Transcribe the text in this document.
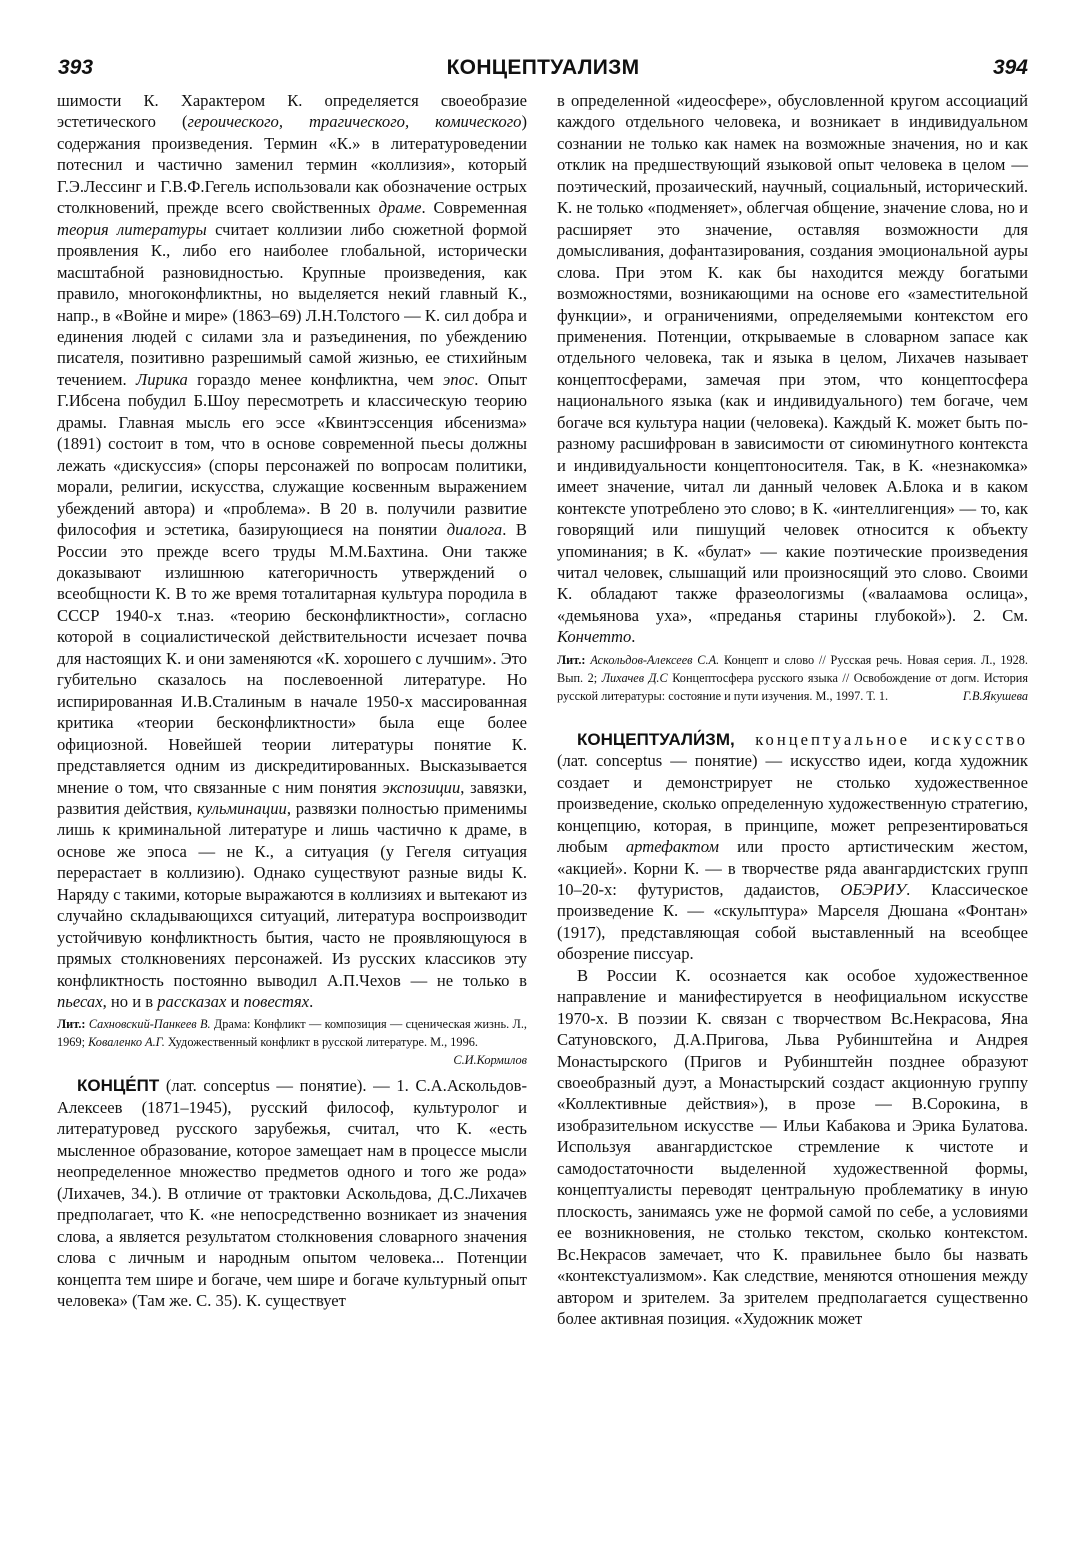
393	КОНЦЕПТУАЛИЗМ	394

шимости К. Характером К. определяется своеобразие эстетического (героического, трагического, комического) содержания произведения. Термин «К.» в литературоведении потеснил и частично заменил термин «коллизия», который Г.Э.Лессинг и Г.В.Ф.Гегель использовали как обозначение острых столкновений, прежде всего свойственных драме. Современная теория литературы считает коллизии либо сюжетной формой проявления К., либо его наиболее глобальной, исторически масштабной разновидностью. Крупные произведения, как правило, многоконфликтны, но выделяется некий главный К., напр., в «Войне и мире» (1863–69) Л.Н.Толстого — К. сил добра и единения людей с силами зла и разъединения, по убеждению писателя, позитивно разрешимый самой жизнью, ее стихийным течением. Лирика гораздо менее конфликтна, чем эпос. Опыт Г.Ибсена побудил Б.Шоу пересмотреть и классическую теорию драмы. Главная мысль его эссе «Квинтэссенция ибсенизма» (1891) состоит в том, что в основе современной пьесы должны лежать «дискуссия» (споры персонажей по вопросам политики, морали, религии, искусства, служащие косвенным выражением убеждений автора) и «проблема». В 20 в. получили развитие философия и эстетика, базирующиеся на понятии диалога. В России это прежде всего труды М.М.Бахтина. Они также доказывают излишнюю категоричность утверждений о всеобщности К. В то же время тоталитарная культура породила в СССР 1940-х т.наз. «теорию бесконфликтности», согласно которой в социалистической действительности исчезает почва для настоящих К. и они заменяются «К. хорошего с лучшим». Это губительно сказалось на послевоенной литературе. Но испирированная И.В.Сталиным в начале 1950-х массированная критика «теории бесконфликтности» была еще более официозной. Новейшей теории литературы понятие К. представляется одним из дискредитированных. Высказывается мнение о том, что связанные с ним понятия экспозиции, завязки, развития действия, кульминации, развязки полностью применимы лишь к криминальной литературе и лишь частично к драме, в основе же эпоса — не К., а ситуация (у Гегеля ситуация перерастает в коллизию). Однако существуют разные виды К. Наряду с такими, которые выражаются в коллизиях и вытекают из случайно складывающихся ситуаций, литература воспроизводит устойчивую конфликтность бытия, часто не проявляющуюся в прямых столкновениях персонажей. Из русских классиков эту конфликтность постоянно выводил А.П.Чехов — не только в пьесах, но и в рассказах и повестях.

Лит.: Сахновский-Панкеев В. Драма: Конфликт — композиция — сценическая жизнь. Л., 1969; Коваленко А.Г. Художественный конфликт в русской литературе. М., 1996.
С.И.Кормилов

КОНЦЕ́ПТ (лат. conceptus — понятие). — 1. С.А.Аскольдов-Алексеев (1871–1945), русский философ, культуролог и литературовед русского зарубежья, считал, что К. «есть мысленное образование, которое замещает нам в процессе мысли неопределенное множество предметов одного и того же рода» (Лихачев, 34.). В отличие от трактовки Аскольдова, Д.С.Лихачев предполагает, что К. «не непосредственно возникает из значения слова, а является результатом столкновения словарного значения слова с личным и народным опытом человека... Потенции концепта тем шире и богаче, чем шире и богаче культурный опыт человека» (Там же. С. 35). К. существует

в определенной «идеосфере», обусловленной кругом ассоциаций каждого отдельного человека, и возникает в индивидуальном сознании не только как намек на возможные значения, но и как отклик на предшествующий языковой опыт человека в целом — поэтический, прозаический, научный, социальный, исторический. К. не только «подменяет», облегчая общение, значение слова, но и расширяет это значение, оставляя возможности для домысливания, дофантазирования, создания эмоциональной ауры слова. При этом К. как бы находится между богатыми возможностями, возникающими на основе его «заместительной функции», и ограничениями, определяемыми контекстом его применения. Потенции, открываемые в словарном запасе как отдельного человека, так и языка в целом, Лихачев называет концептосферами, замечая при этом, что концептосфера национального языка (как и индивидуального) тем богаче, чем богаче вся культура нации (человека). Каждый К. может быть по-разному расшифрован в зависимости от сиюминутного контекста и индивидуальности концептоносителя. Так, в К. «незнакомка» имеет значение, читал ли данный человек А.Блока и в каком контексте употреблено это слово; в К. «интеллигенция» — то, как говорящий или пишущий человек относится к объекту упоминания; в К. «булат» — какие поэтические произведения читал человек, слышащий или произносящий это слово. Своими К. обладают также фразеологизмы («валаамова ослица», «демьянова уха», «преданья старины глубокой»). 2. См. Кончетто.

Лит.: Аскольдов-Алексеев С.А. Концепт и слово // Русская речь. Новая серия. Л., 1928. Вып. 2; Лихачев Д.С Концептосфера русского языка // Освобождение от догм. История русской литературы: состояние и пути изучения. М., 1997. Т. 1.	Г.В.Якушева

КОНЦЕПТУАЛИ́ЗМ, концептуальное искусство (лат. conceptus — понятие) — искусство идеи, когда художник создает и демонстрирует не столько художественное произведение, сколько определенную художественную стратегию, концепцию, которая, в принципе, может репрезентироваться любым артефактом или просто артистическим жестом, «акцией». Корни К. — в творчестве ряда авангардистских групп 10–20-х: футуристов, дадаистов, ОБЭРИУ. Классическое произведение К. — «скульптура» Марселя Дюшана «Фонтан» (1917), представляющая собой выставленный на всеобщее обозрение писсуар.

В России К. осознается как особое художественное направление и манифестируется в неофициальном искусстве 1970-х. В поэзии К. связан с творчеством Вс.Некрасова, Яна Сатуновского, Д.А.Пригова, Льва Рубинштейна и Андрея Монастырского (Пригов и Рубинштейн позднее образуют своеобразный дуэт, а Монастырский создаст акционную группу «Коллективные действия»), в прозе — В.Сорокина, в изобразительном искусстве — Ильи Кабакова и Эрика Булатова. Используя авангардистское стремление к чистоте и самодостаточности выделенной художественной формы, концептуалисты переводят центральную проблематику в иную плоскость, занимаясь уже не формой самой по себе, а условиями ее возникновения, не столько текстом, сколько контекстом. Вс.Некрасов замечает, что К. правильнее было бы назвать «контекстуализмом». Как следствие, меняются отношения между автором и зрителем. За зрителем предполагается существенно более активная позиция. «Художник может
